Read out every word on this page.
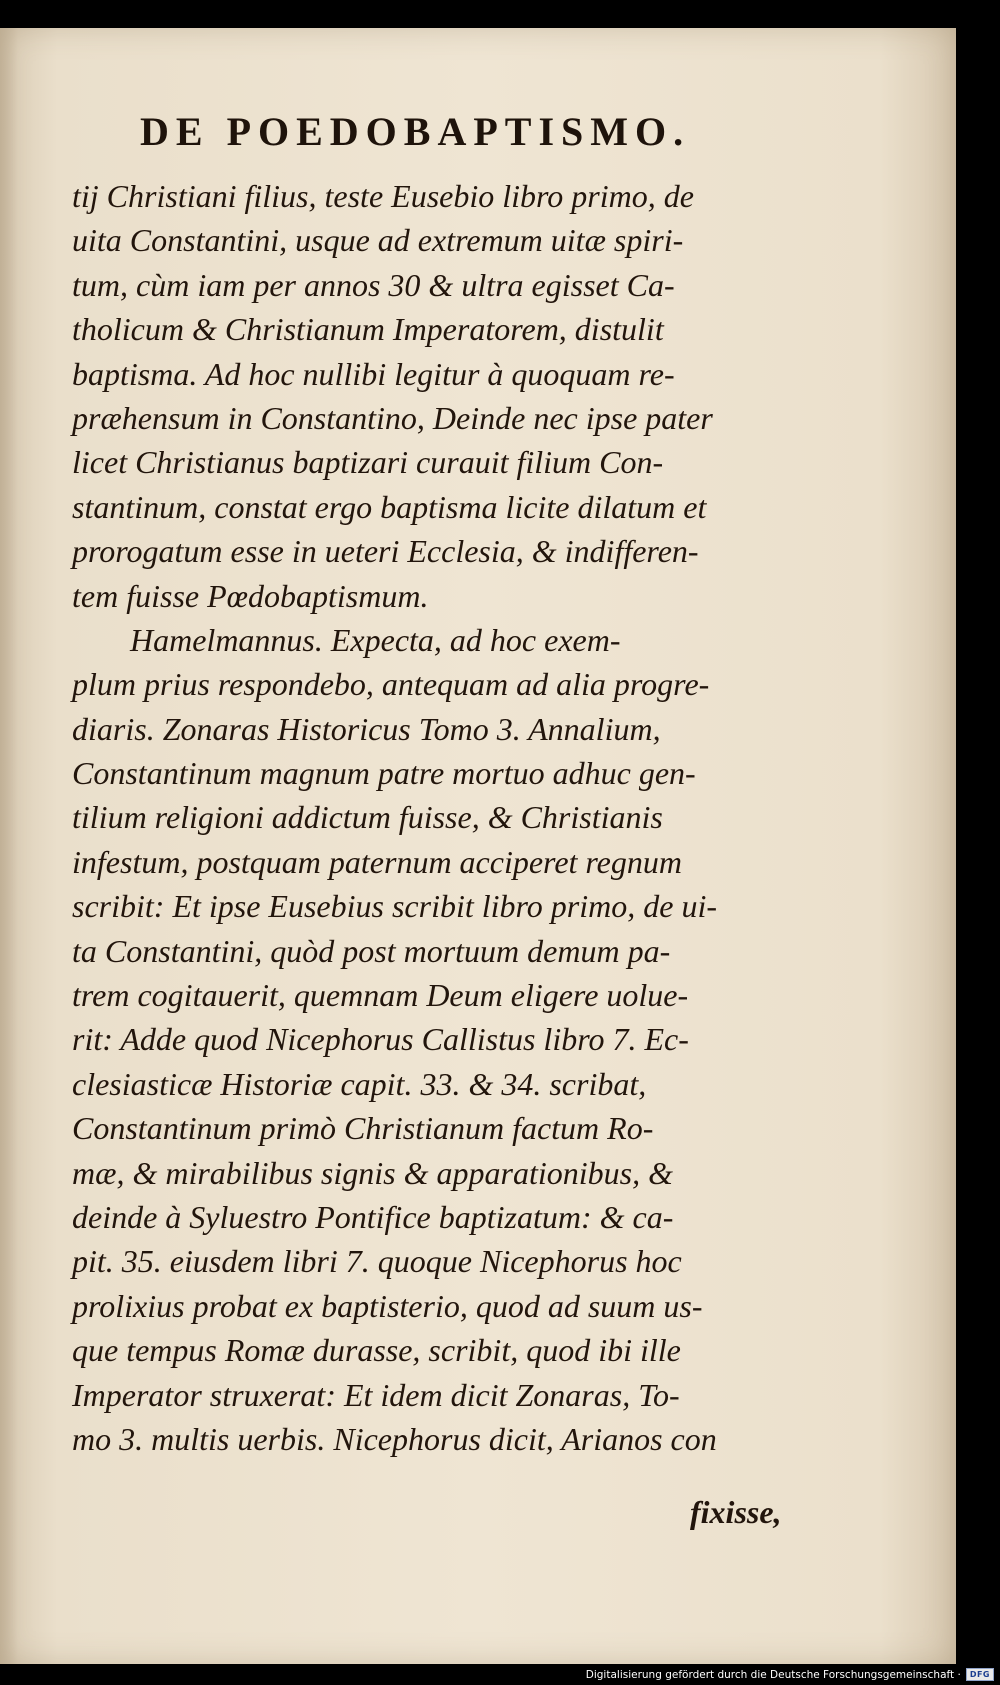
DE POEDOBAPTISMO.
tij Christiani filius, teste Eusebio libro primo, de
uita Constantini, usque ad extremum uitæ spiri-
tum, cùm iam per annos 30 & ultra egisset Ca-
tholicum & Christianum Imperatorem, distulit
baptisma. Ad hoc nullibi legitur à quoquam re-
præhensum in Constantino, Deinde nec ipse pater
licet Christianus baptizari curauit filium Con-
stantinum, constat ergo baptisma licite dilatum et
prorogatum esse in ueteri Ecclesia, & indifferen-
tem fuisse Pœdobaptismum.
Hamelmannus. Expecta, ad hoc exem-
plum prius respondebo, antequam ad alia progre-
diaris. Zonaras Historicus Tomo 3. Annalium,
Constantinum magnum patre mortuo adhuc gen-
tilium religioni addictum fuisse, & Christianis
infestum, postquam paternum acciperet regnum
scribit: Et ipse Eusebius scribit libro primo, de ui-
ta Constantini, quòd post mortuum demum pa-
trem cogitauerit, quemnam Deum eligere uolue-
rit: Adde quod Nicephorus Callistus libro 7. Ec-
clesiasticæ Historiæ capit. 33. & 34. scribat,
Constantinum primò Christianum factum Ro-
mæ, & mirabilibus signis & apparationibus, &
deinde à Syluestro Pontifice baptizatum: & ca-
pit. 35. eiusdem libri 7. quoque Nicephorus hoc
prolixius probat ex baptisterio, quod ad suum us-
que tempus Romæ durasse, scribit, quod ibi ille
Imperator struxerat: Et idem dicit Zonaras, To-
mo 3. multis uerbis. Nicephorus dicit, Arianos con
fixisse,
Digitalisierung gefördert durch die Deutsche Forschungsgemeinschaft ·	DFG
